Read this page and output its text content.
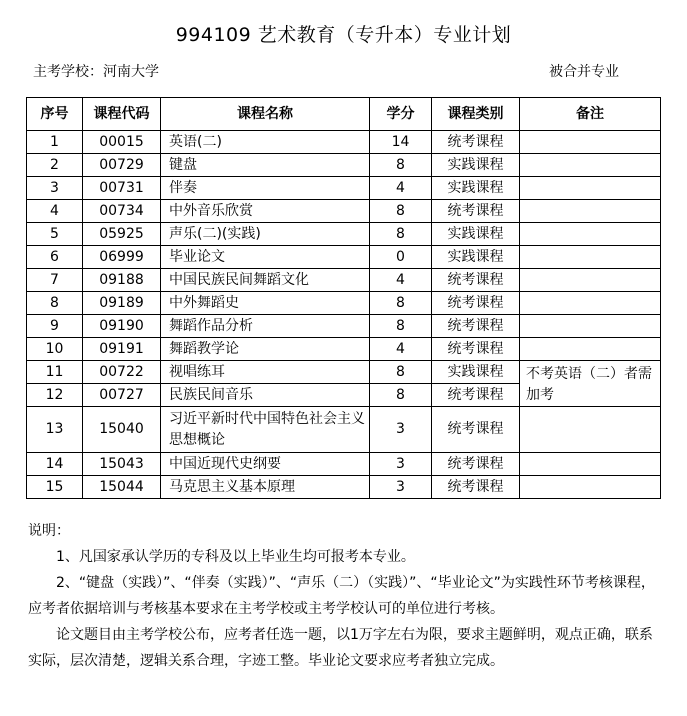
994109 艺术教育（专升本）专业计划
主考学校：河南大学	被合并专业
序号	课程代码	课程名称	学分	课程类别	备注
1	00015	英语(二)	14	统考课程	
2	00729	键盘	8	实践课程	
3	00731	伴奏	4	实践课程	
4	00734	中外音乐欣赏	8	统考课程	
5	05925	声乐(二)(实践)	8	实践课程	
6	06999	毕业论文	0	实践课程	
7	09188	中国民族民间舞蹈文化	4	统考课程	
8	09189	中外舞蹈史	8	统考课程	
9	09190	舞蹈作品分析	8	统考课程	
10	09191	舞蹈教学论	4	统考课程	
11	00722	视唱练耳	8	实践课程	不考英语（二）者需加考
12	00727	民族民间音乐	8	统考课程	
13	15040	习近平新时代中国特色社会主义思想概论	3	统考课程	
14	15043	中国近现代史纲要	3	统考课程	
15	15044	马克思主义基本原理	3	统考课程	

说明：

1、凡国家承认学历的专科及以上毕业生均可报考本专业。

2、“键盘（实践）”、“伴奏（实践）”、“声乐（二）（实践）”、“毕业论文”为实践性环节考核课程，应考者依据培训与考核基本要求在主考学校或主考学校认可的单位进行考核。

论文题目由主考学校公布，应考者任选一题，以1万字左右为限，要求主题鲜明，观点正确，联系实际，层次清楚，逻辑关系合理，字迹工整。毕业论文要求应考者独立完成。
